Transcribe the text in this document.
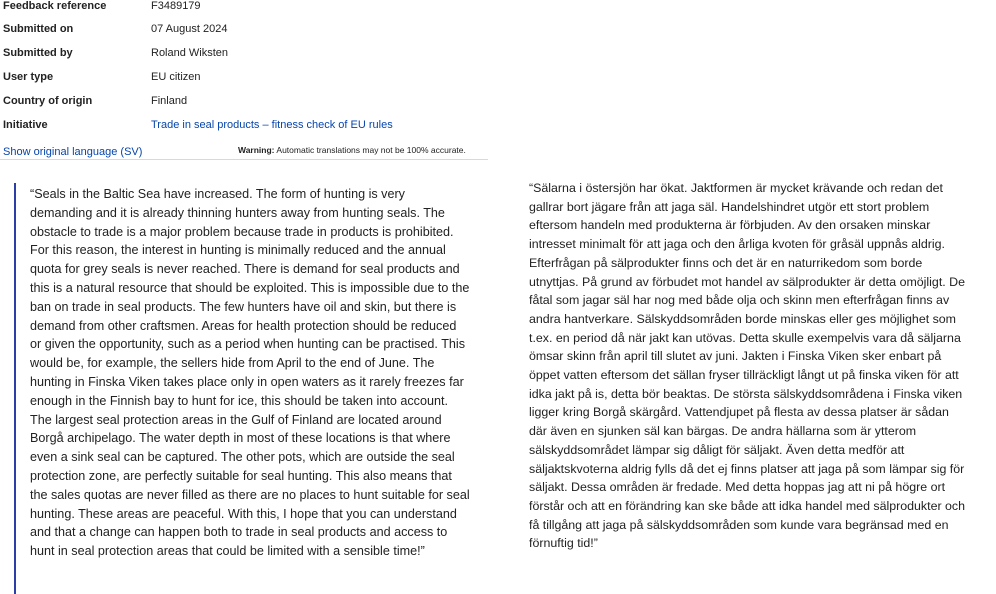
Feedback reference	F3489179
Submitted on	07 August 2024
Submitted by	Roland Wiksten
User type	EU citizen
Country of origin	Finland
Initiative	Trade in seal products – fitness check of EU rules
Show original language (SV)	Warning: Automatic translations may not be 100% accurate.
“Seals in the Baltic Sea have increased. The form of hunting is very demanding and it is already thinning hunters away from hunting seals. The obstacle to trade is a major problem because trade in products is prohibited. For this reason, the interest in hunting is minimally reduced and the annual quota for grey seals is never reached. There is demand for seal products and this is a natural resource that should be exploited. This is impossible due to the ban on trade in seal products. The few hunters have oil and skin, but there is demand from other craftsmen. Areas for health protection should be reduced or given the opportunity, such as a period when hunting can be practised. This would be, for example, the sellers hide from April to the end of June. The hunting in Finska Viken takes place only in open waters as it rarely freezes far enough in the Finnish bay to hunt for ice, this should be taken into account. The largest seal protection areas in the Gulf of Finland are located around Borgå archipelago. The water depth in most of these locations is that where even a sink seal can be captured. The other pots, which are outside the seal protection zone, are perfectly suitable for seal hunting. This also means that the sales quotas are never filled as there are no places to hunt suitable for seal hunting. These areas are peaceful. With this, I hope that you can understand and that a change can happen both to trade in seal products and access to hunt in seal protection areas that could be limited with a sensible time!”
“Sälarna i östersjön har ökat. Jaktformen är mycket krävande och redan det gallrar bort jägare från att jaga säl. Handelshindret utgör ett stort problem eftersom handeln med produkterna är förbjuden. Av den orsaken minskar intresset minimalt för att jaga och den årliga kvoten för gråsäl uppnås aldrig. Efterfrågan på sälprodukter finns och det är en naturrikedom som borde utnyttjas. På grund av förbudet mot handel av sälprodukter är detta omöjligt. De fåtal som jagar säl har nog med både olja och skinn men efterfrågan finns av andra hantverkare. Sälskyddsområden borde minskas eller ges möjlighet som t.ex. en period då när jakt kan utövas. Detta skulle exempelvis vara då säljarna ömsar skinn från april till slutet av juni. Jakten i Finska Viken sker enbart på öppet vatten eftersom det sällan fryser tillräckligt långt ut på finska viken för att idka jakt på is, detta bör beaktas. De största sälskyddsområdena i Finska viken ligger kring Borgå skärgård. Vattendjupet på flesta av dessa platser är sådan där även en sjunken säl kan bärgas. De andra hällarna som är ytterom sälskyddsområdet lämpar sig dåligt för säljakt. Även detta medför att säljaktskvoterna aldrig fylls då det ej finns platser att jaga på som lämpar sig för säljakt. Dessa områden är fredade. Med detta hoppas jag att ni på högre ort förstår och att en förändring kan ske både att idka handel med sälprodukter och få tillgång att jaga på sälskyddsområden som kunde vara begränsad med en förnuftig tid!”
